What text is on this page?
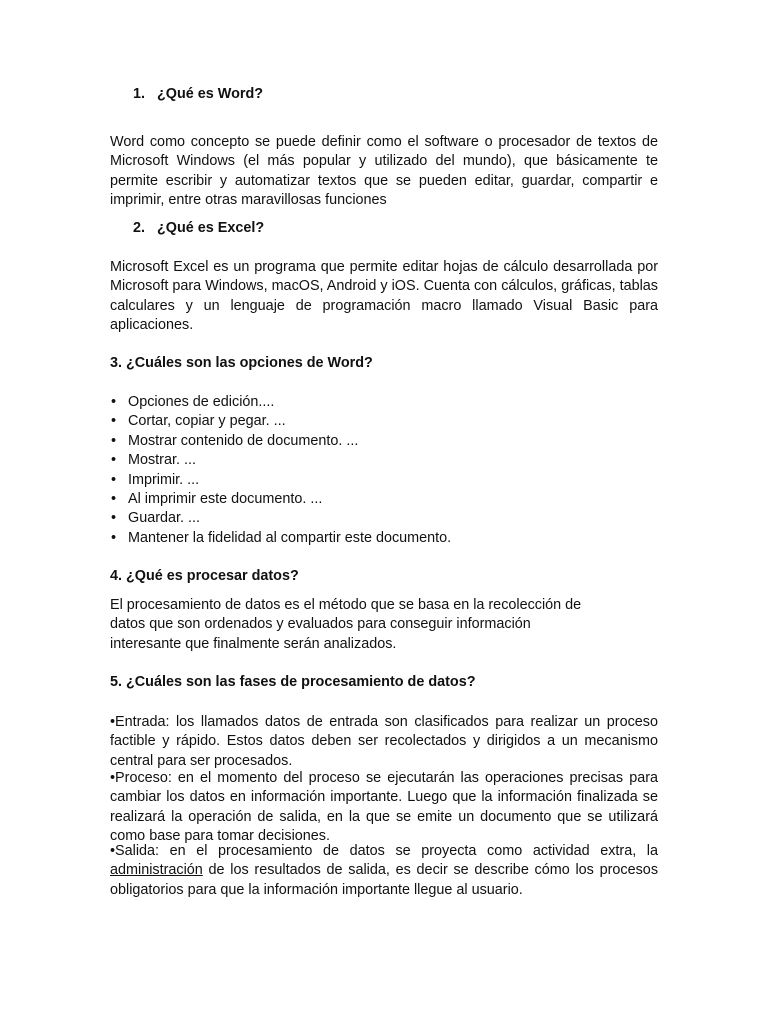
1. ¿Qué es Word?

Word como concepto se puede definir como el software o procesador de textos de Microsoft Windows (el más popular y utilizado del mundo), que básicamente te permite escribir y automatizar textos que se pueden editar, guardar, compartir e imprimir, entre otras maravillosas funciones

2. ¿Qué es Excel?

Microsoft Excel es un programa que permite editar hojas de cálculo desarrollada por Microsoft para Windows, macOS, Android y iOS. Cuenta con cálculos, gráficas, tablas calculares y un lenguaje de programación macro llamado Visual Basic para aplicaciones.

3. ¿Cuáles son las opciones de Word?

• Opciones de edición....
• Cortar, copiar y pegar. ...
• Mostrar contenido de documento. ...
• Mostrar. ...
• Imprimir. ...
• Al imprimir este documento. ...
• Guardar. ...
• Mantener la fidelidad al compartir este documento.

4. ¿Qué es procesar datos?

El procesamiento de datos es el método que se basa en la recolección de
datos que son ordenados y evaluados para conseguir información
interesante que finalmente serán analizados.

5. ¿Cuáles son las fases de procesamiento de datos?

• Entrada: los llamados datos de entrada son clasificados para realizar un proceso factible y rápido. Estos datos deben ser recolectados y dirigidos a un mecanismo central para ser procesados.
• Proceso: en el momento del proceso se ejecutarán las operaciones precisas para cambiar los datos en información importante. Luego que la información finalizada se realizará la operación de salida, en la que se emite un documento que se utilizará como base para tomar decisiones.
• Salida: en el procesamiento de datos se proyecta como actividad extra, la administración de los resultados de salida, es decir se describe cómo los procesos obligatorios para que la información importante llegue al usuario.
